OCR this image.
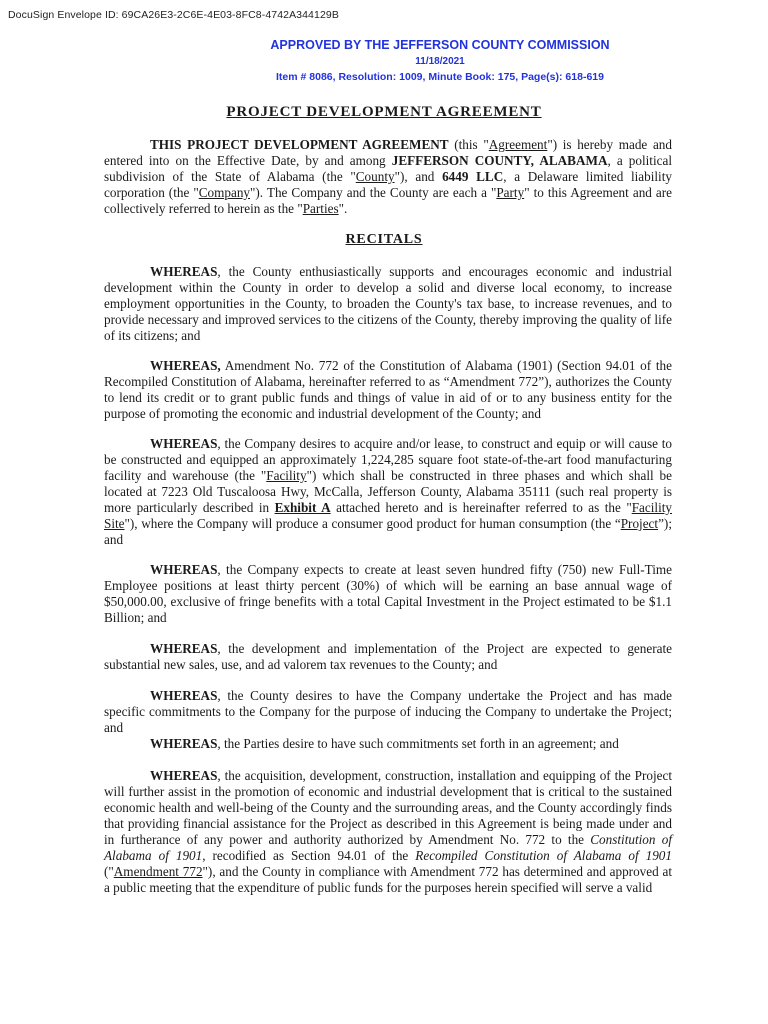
DocuSign Envelope ID: 69CA26E3-2C6E-4E03-8FC8-4742A344129B
APPROVED BY THE JEFFERSON COUNTY COMMISSION
11/18/2021
Item # 8086, Resolution: 1009, Minute Book: 175, Page(s): 618-619
PROJECT DEVELOPMENT AGREEMENT

THIS PROJECT DEVELOPMENT AGREEMENT (this "Agreement") is hereby made and entered into on the Effective Date, by and among JEFFERSON COUNTY, ALABAMA, a political subdivision of the State of Alabama (the "County"), and 6449 LLC, a Delaware limited liability corporation (the "Company"). The Company and the County are each a "Party" to this Agreement and are collectively referred to herein as the "Parties".

RECITALS

WHEREAS, the County enthusiastically supports and encourages economic and industrial development within the County in order to develop a solid and diverse local economy, to increase employment opportunities in the County, to broaden the County's tax base, to increase revenues, and to provide necessary and improved services to the citizens of the County, thereby improving the quality of life of its citizens; and

WHEREAS, Amendment No. 772 of the Constitution of Alabama (1901) (Section 94.01 of the Recompiled Constitution of Alabama, hereinafter referred to as “Amendment 772”), authorizes the County to lend its credit or to grant public funds and things of value in aid of or to any business entity for the purpose of promoting the economic and industrial development of the County; and

WHEREAS, the Company desires to acquire and/or lease, to construct and equip or will cause to be constructed and equipped an approximately 1,224,285 square foot state-of-the-art food manufacturing facility and warehouse (the "Facility") which shall be constructed in three phases and which shall be located at 7223 Old Tuscaloosa Hwy, McCalla, Jefferson County, Alabama 35111 (such real property is more particularly described in Exhibit A attached hereto and is hereinafter referred to as the "Facility Site"), where the Company will produce a consumer good product for human consumption (the “Project”); and

WHEREAS, the Company expects to create at least seven hundred fifty (750) new Full-Time Employee positions at least thirty percent (30%) of which will be earning an base annual wage of $50,000.00, exclusive of fringe benefits with a total Capital Investment in the Project estimated to be $1.1 Billion; and

WHEREAS, the development and implementation of the Project are expected to generate substantial new sales, use, and ad valorem tax revenues to the County; and

WHEREAS, the County desires to have the Company undertake the Project and has made specific commitments to the Company for the purpose of inducing the Company to undertake the Project; and

WHEREAS, the Parties desire to have such commitments set forth in an agreement; and

WHEREAS, the acquisition, development, construction, installation and equipping of the Project will further assist in the promotion of economic and industrial development that is critical to the sustained economic health and well-being of the County and the surrounding areas, and the County accordingly finds that providing financial assistance for the Project as described in this Agreement is being made under and in furtherance of any power and authority authorized by Amendment No. 772 to the Constitution of Alabama of 1901, recodified as Section 94.01 of the Recompiled Constitution of Alabama of 1901 ("Amendment 772"), and the County in compliance with Amendment 772 has determined and approved at a public meeting that the expenditure of public funds for the purposes herein specified will serve a valid
